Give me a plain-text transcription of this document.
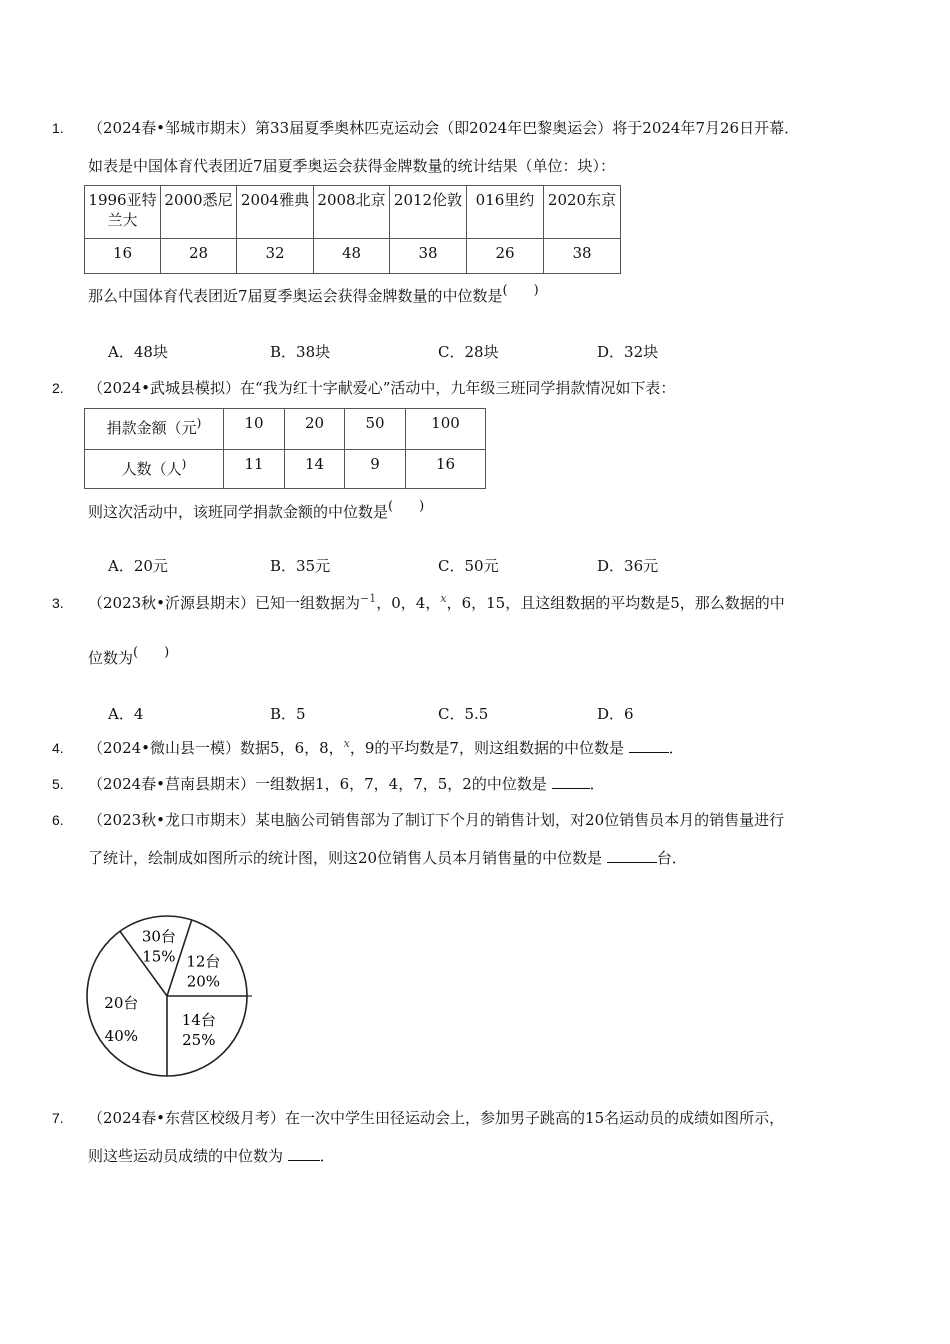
1. （2024春•邹城市期末）第33届夏季奥林匹克运动会（即2024年巴黎奥运会）将于2024年7月26日开幕．
如表是中国体育代表团近7届夏季奥运会获得金牌数量的统计结果（单位：块）：
1996亚特兰大	2000悉尼	2004雅典	2008北京	2012伦敦	016里约	2020东京
16	28	32	48	38	26	38
那么中国体育代表团近7届夏季奥运会获得金牌数量的中位数是(　　)
A．48块	B．38块	C．28块	D．32块
2. （2024•武城县模拟）在“我为红十字献爱心”活动中，九年级三班同学捐款情况如下表：
捐款金额（元)	10	20	50	100
人数（人)	11	14	9	16
则这次活动中，该班同学捐款金额的中位数是(　　)
A．20元	B．35元	C．50元	D．36元
3. （2023秋•沂源县期末）已知一组数据为$^{-1}$，0，4，$^x$，6，15，且这组数据的平均数是5，那么数据的中
位数为(　　)
A．4	B．5	C．5.5	D．6
4. （2024•微山县一模）数据5，6，8，$^x$，9的平均数是7，则这组数据的中位数是	．
5. （2024春•莒南县期末）一组数据1，6，7，4，7，5，2的中位数是	．
6. （2023秋•龙口市期末）某电脑公司销售部为了制订下个月的销售计划，对20位销售员本月的销售量进行
了统计，绘制成如图所示的统计图，则这20位销售人员本月销售量的中位数是	台．
30台
15% 12台
20%
14台
25%
20台
40%
7. （2024春•东营区校级月考）在一次中学生田径运动会上，参加男子跳高的15名运动员的成绩如图所示，
则这些运动员成绩的中位数为 ．
